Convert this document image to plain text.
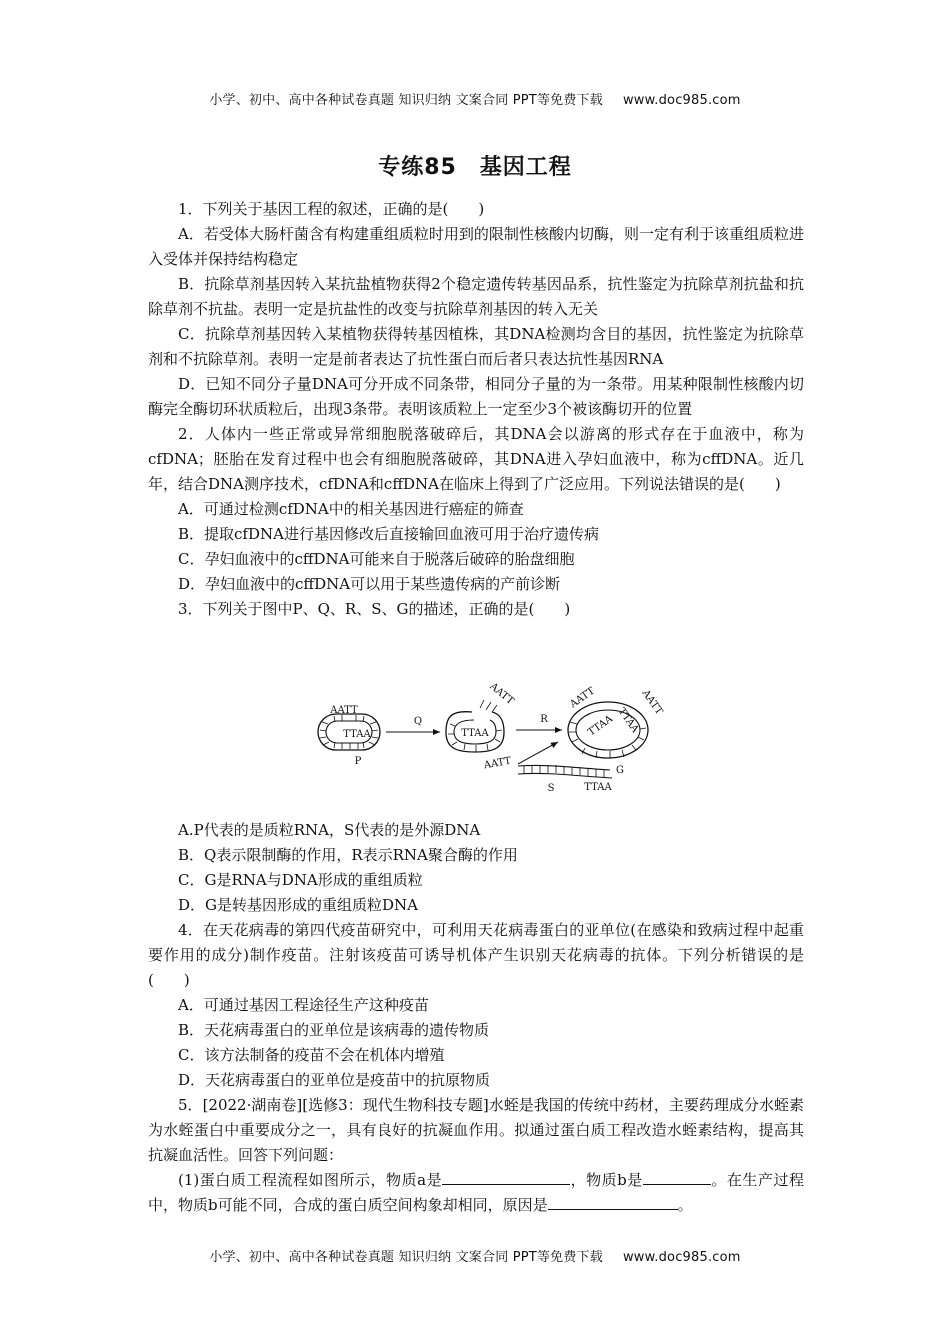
小学、初中、高中各种试卷真题 知识归纳 文案合同 PPT等免费下载 www.doc985.com
专练85　基因工程

1．下列关于基因工程的叙述，正确的是(　　)

A．若受体大肠杆菌含有构建重组质粒时用到的限制性核酸内切酶，则一定有利于该重组质粒进入受体并保持结构稳定

B．抗除草剂基因转入某抗盐植物获得2个稳定遗传转基因品系，抗性鉴定为抗除草剂抗盐和抗除草剂不抗盐。表明一定是抗盐性的改变与抗除草剂基因的转入无关

C．抗除草剂基因转入某植物获得转基因植株，其DNA检测均含目的基因，抗性鉴定为抗除草剂和不抗除草剂。表明一定是前者表达了抗性蛋白而后者只表达抗性基因RNA

D．已知不同分子量DNA可分开成不同条带，相同分子量的为一条带。用某种限制性核酸内切酶完全酶切环状质粒后，出现3条带。表明该质粒上一定至少3个被该酶切开的位置

2．人体内一些正常或异常细胞脱落破碎后，其DNA会以游离的形式存在于血液中，称为cfDNA；胚胎在发育过程中也会有细胞脱落破碎，其DNA进入孕妇血液中，称为cffDNA。近几年，结合DNA测序技术，cfDNA和cffDNA在临床上得到了广泛应用。下列说法错误的是(　　)

A．可通过检测cfDNA中的相关基因进行癌症的筛查

B．提取cfDNA进行基因修改后直接输回血液可用于治疗遗传病

C．孕妇血液中的cffDNA可能来自于脱落后破碎的胎盘细胞

D．孕妇血液中的cffDNA可以用于某些遗传病的产前诊断

3．下列关于图中P、Q、R、S、G的描述，正确的是(　　)

AATT
TTAA
P
Q
TTAA
AATT
R
AATT
TTAA
S
TTAA TTAA
AATT	AATT
G

A.P代表的是质粒RNA，S代表的是外源DNA

B．Q表示限制酶的作用，R表示RNA聚合酶的作用

C．G是RNA与DNA形成的重组质粒

D．G是转基因形成的重组质粒DNA

4．在天花病毒的第四代疫苗研究中，可利用天花病毒蛋白的亚单位(在感染和致病过程中起重要作用的成分)制作疫苗。注射该疫苗可诱导机体产生识别天花病毒的抗体。下列分析错误的是(　　)

A．可通过基因工程途径生产这种疫苗

B．天花病毒蛋白的亚单位是该病毒的遗传物质

C．该方法制备的疫苗不会在机体内增殖

D．天花病毒蛋白的亚单位是疫苗中的抗原物质

5．[2022·湖南卷][选修3：现代生物科技专题]水蛭是我国的传统中药材，主要药理成分水蛭素为水蛭蛋白中重要成分之一，具有良好的抗凝血作用。拟通过蛋白质工程改造水蛭素结构，提高其抗凝血活性。回答下列问题：

(1)蛋白质工程流程如图所示，物质a是	，物质b是	。在生产过程中，物质b可能不同，合成的蛋白质空间构象却相同，原因是	。

小学、初中、高中各种试卷真题 知识归纳 文案合同 PPT等免费下载 www.doc985.com
